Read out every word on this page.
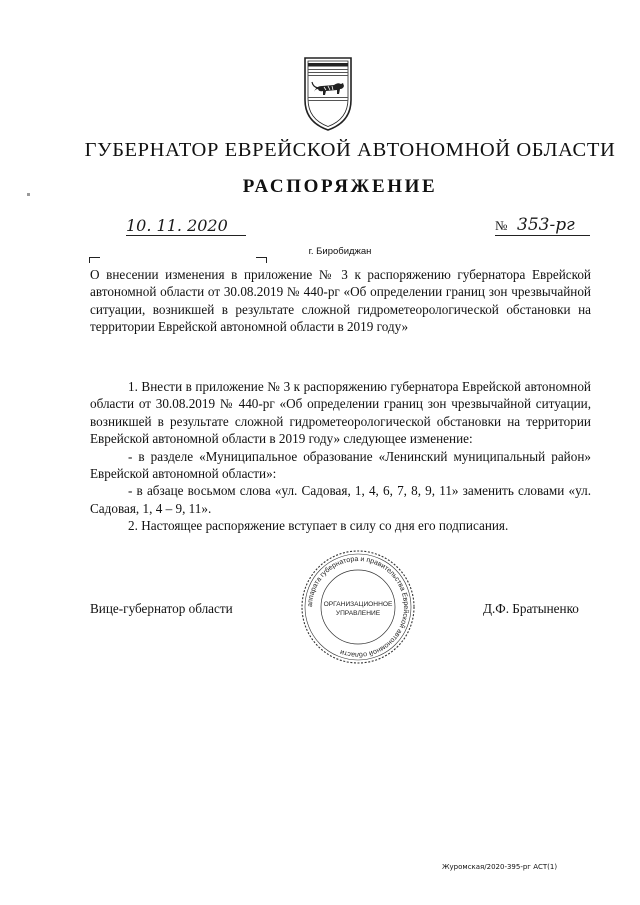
ГУБЕРНАТОР ЕВРЕЙСКОЙ АВТОНОМНОЙ ОБЛАСТИ
РАСПОРЯЖЕНИЕ
10. 11. 2020	№ 353-рг
г. Биробиджан
О внесении изменения в приложение № 3 к распоряжению губернатора Еврейской автономной области от 30.08.2019 № 440-рг «Об определении границ зон чрезвычайной ситуации, возникшей в результате сложной гидрометеорологической обстановки на территории Еврейской автономной области в 2019 году»

1. Внести в приложение № 3 к распоряжению губернатора Еврейской автономной области от 30.08.2019 № 440-рг «Об определении границ зон чрезвычайной ситуации, возникшей в результате сложной гидрометеорологической обстановки на территории Еврейской автономной области в 2019 году» следующее изменение:

- в разделе «Муниципальное образование «Ленинский муниципальный район» Еврейской автономной области»:

- в абзаце восьмом слова «ул. Садовая, 1, 4, 6, 7, 8, 9, 11» заменить словами «ул. Садовая, 1, 4 – 9, 11».

2. Настоящее распоряжение вступает в силу со дня его подписания.

аппарата губернатора и правительства Еврейской автономной области
ОРГАНИЗАЦИОННОЕ
УПРАВЛЕНИЕ
Вице-губернатор области	Д.Ф. Братыненко
Журомская/2020-395-рг АСТ(1)
